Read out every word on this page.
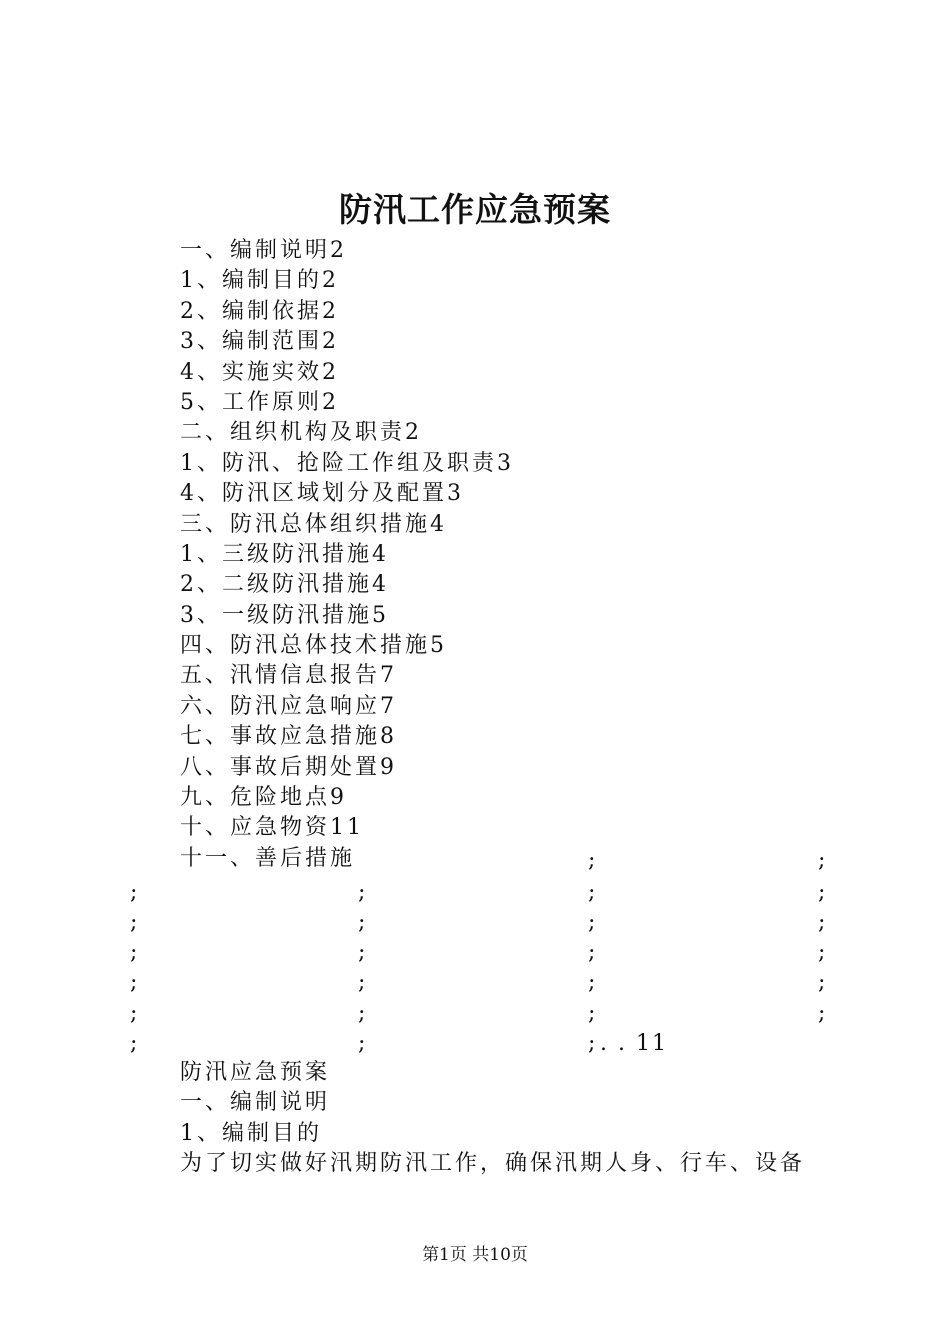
防汛工作应急预案
一、编制说明2
1、编制目的2
2、编制依据2
3、编制范围2
4、实施实效2
5、工作原则2
二、组织机构及职责2
1、防汛、抢险工作组及职责3
4、防汛区域划分及配置3
三、防汛总体组织措施4
1、三级防汛措施4
2、二级防汛措施4
3、一级防汛措施5
四、防汛总体技术措施5
五、汛情信息报告7
六、防汛应急响应7
七、事故应急措施8
八、事故后期处置9
九、危险地点9
十、应急物资11
十一、善后措施	;	;
;	;	;	;
;	;	;	;
;	;	;	;
;	;	;	;
;	;	;	;
;	;	; . . 11
防汛应急预案
一、编制说明
1、编制目的
为了切实做好汛期防汛工作，确保汛期人身、行车、设备
第1页 共10页
